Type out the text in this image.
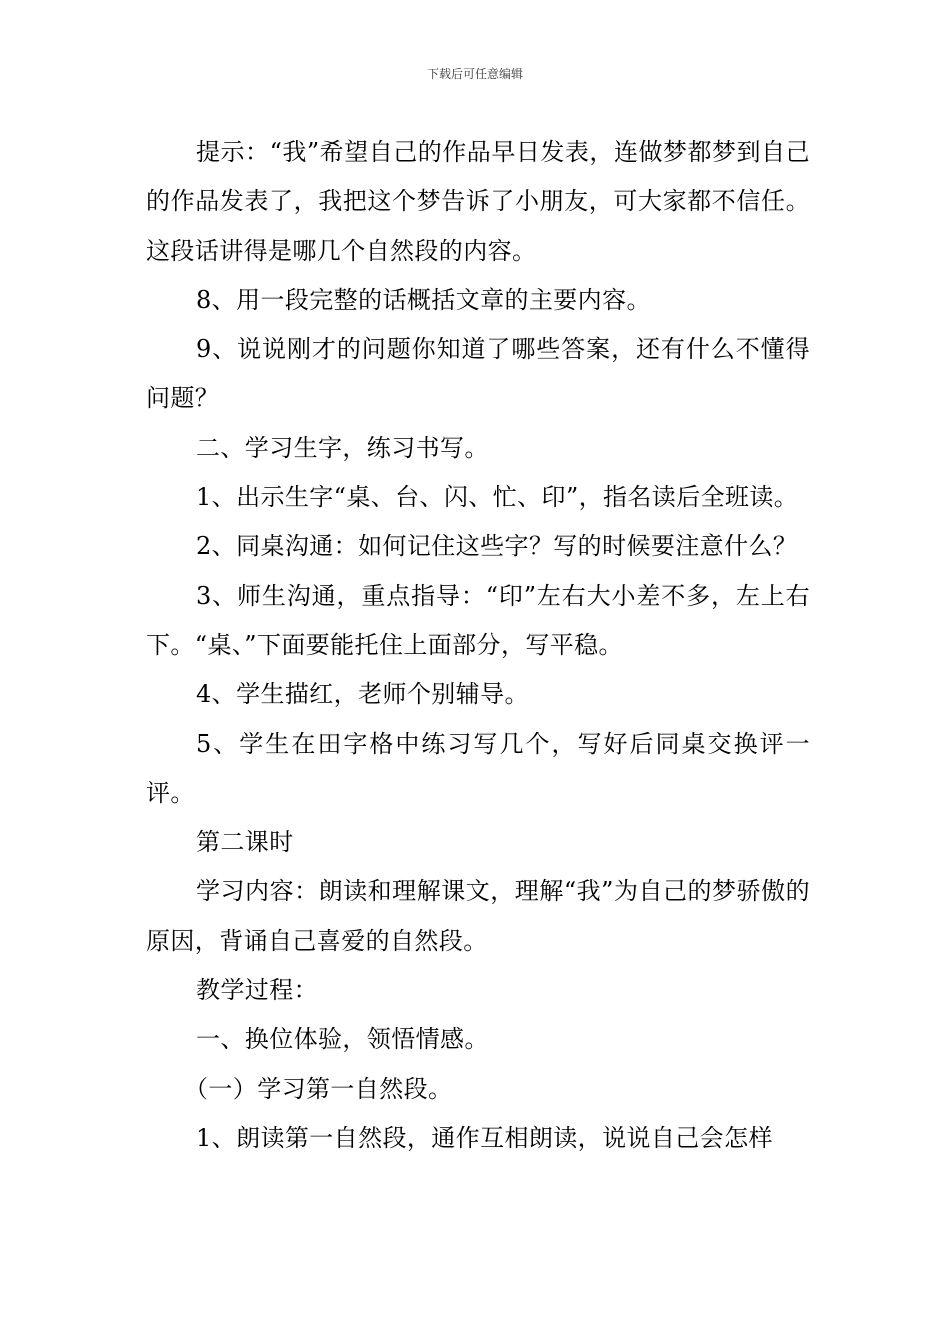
下载后可任意编辑

提示：“我”希望自己的作品早日发表，连做梦都梦到自己的作品发表了，我把这个梦告诉了小朋友，可大家都不信任。这段话讲得是哪几个自然段的内容。

8、用一段完整的话概括文章的主要内容。

9、说说刚才的问题你知道了哪些答案，还有什么不懂得问题？

二、学习生字，练习书写。

1、出示生字“桌、台、闪、忙、印”，指名读后全班读。

2、同桌沟通：如何记住这些字？写的时候要注意什么？

3、师生沟通，重点指导：“印”左右大小差不多，左上右下。“桌、”下面要能托住上面部分，写平稳。

4、学生描红，老师个别辅导。

5、学生在田字格中练习写几个，写好后同桌交换评一评。

第二课时

学习内容：朗读和理解课文，理解“我”为自己的梦骄傲的原因，背诵自己喜爱的自然段。

教学过程：

一、换位体验，领悟情感。

（一）学习第一自然段。

1、朗读第一自然段，通作互相朗读，说说自己会怎样
